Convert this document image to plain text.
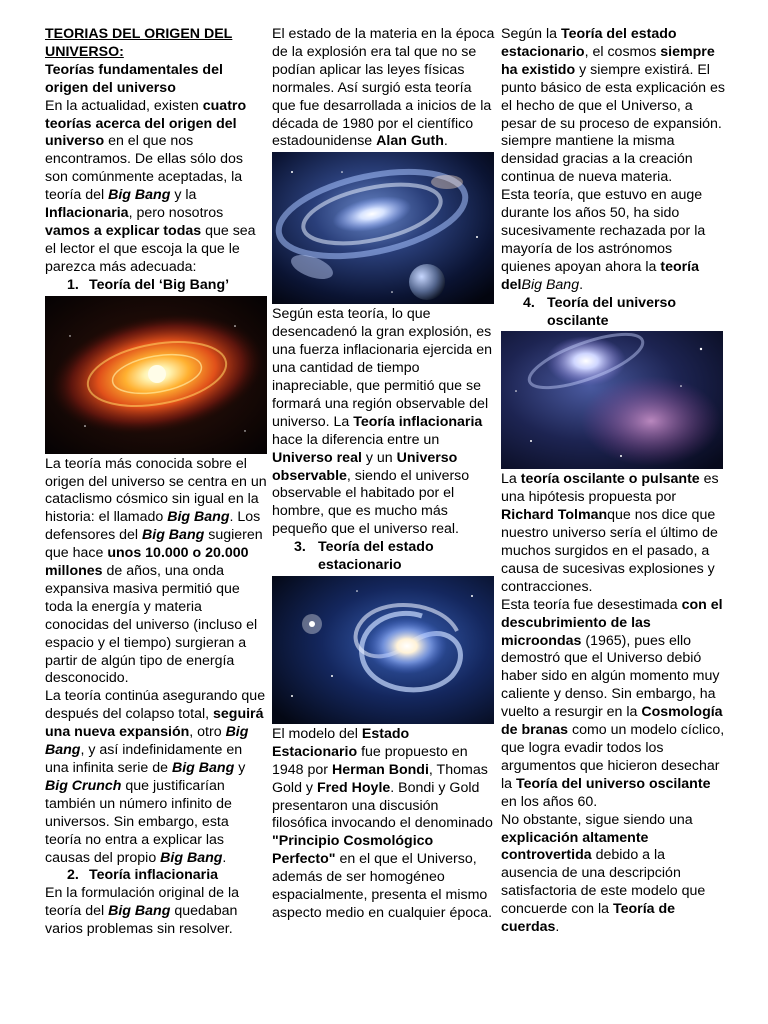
TEORIAS DEL ORIGEN DEL UNIVERSO:
Teorías fundamentales del origen del universo

En la actualidad, existen cuatro teorías acerca del origen del universo en el que nos encontramos. De ellas sólo dos son comúnmente aceptadas, la teoría del Big Bang y la Inflacionaria, pero nosotros vamos a explicar todas que sea el lector el que escoja la que le parezca más adecuada:

1. Teoría del ‘Big Bang’

La teoría más conocida sobre el origen del universo se centra en un cataclismo cósmico sin igual en la historia: el llamado Big Bang. Los defensores del Big Bang sugieren que hace unos 10.000 o 20.000 millones de años, una onda expansiva masiva permitió que toda la energía y materia conocidas del universo (incluso el espacio y el tiempo) surgieran a partir de algún tipo de energía desconocido.

La teoría continúa asegurando que después del colapso total, seguirá una nueva expansión, otro Big Bang, y así indefinidamente en una infinita serie de Big Bang y Big Crunch que justificarían también un número infinito de universos. Sin embargo, esta teoría no entra a explicar las causas del propio Big Bang.

2. Teoría inflacionaria

En la formulación original de la teoría del Big Bang quedaban varios problemas sin resolver.

El estado de la materia en la época de la explosión era tal que no se podían aplicar las leyes físicas normales. Así surgió esta teoría que fue desarrollada a inicios de la década de 1980 por el científico estadounidense Alan Guth.

Según esta teoría, lo que desencadenó la gran explosión, es una fuerza inflacionaria ejercida en una cantidad de tiempo inapreciable, que permitió que se formará una región observable del universo. La Teoría inflacionaria hace la diferencia entre un Universo real y un Universo observable, siendo el universo observable el habitado por el hombre, que es mucho más pequeño que el universo real.

3. Teoría del estado
estacionario

El modelo del Estado Estacionario fue propuesto en 1948 por Herman Bondi, Thomas Gold y Fred Hoyle. Bondi y Gold presentaron una discusión filosófica invocando el denominado "Principio Cosmológico Perfecto" en el que el Universo, además de ser homogéneo espacialmente, presenta el mismo aspecto medio en cualquier época.

Según la Teoría del estado estacionario, el cosmos siempre ha existido y siempre existirá. El punto básico de esta explicación es el hecho de que el Universo, a pesar de su proceso de expansión. siempre mantiene la misma densidad gracias a la creación continua de nueva materia.

Esta teoría, que estuvo en auge durante los años 50, ha sido sucesivamente rechazada por la mayoría de los astrónomos quienes apoyan ahora la teoría delBig Bang.

4. Teoría del universo
oscilante

La teoría oscilante o pulsante es una hipótesis propuesta por Richard Tolmanque nos dice que nuestro universo sería el último de muchos surgidos en el pasado, a causa de sucesivas explosiones y contracciones.

Esta teoría fue desestimada con el descubrimiento de las microondas (1965), pues ello demostró que el Universo debió haber sido en algún momento muy caliente y denso. Sin embargo, ha vuelto a resurgir en la Cosmología de branas como un modelo cíclico, que logra evadir todos los argumentos que hicieron desechar la Teoría del universo oscilante en los años 60.

No obstante, sigue siendo una explicación altamente controvertida debido a la ausencia de una descripción satisfactoria de este modelo que concuerde con la Teoría de cuerdas.
